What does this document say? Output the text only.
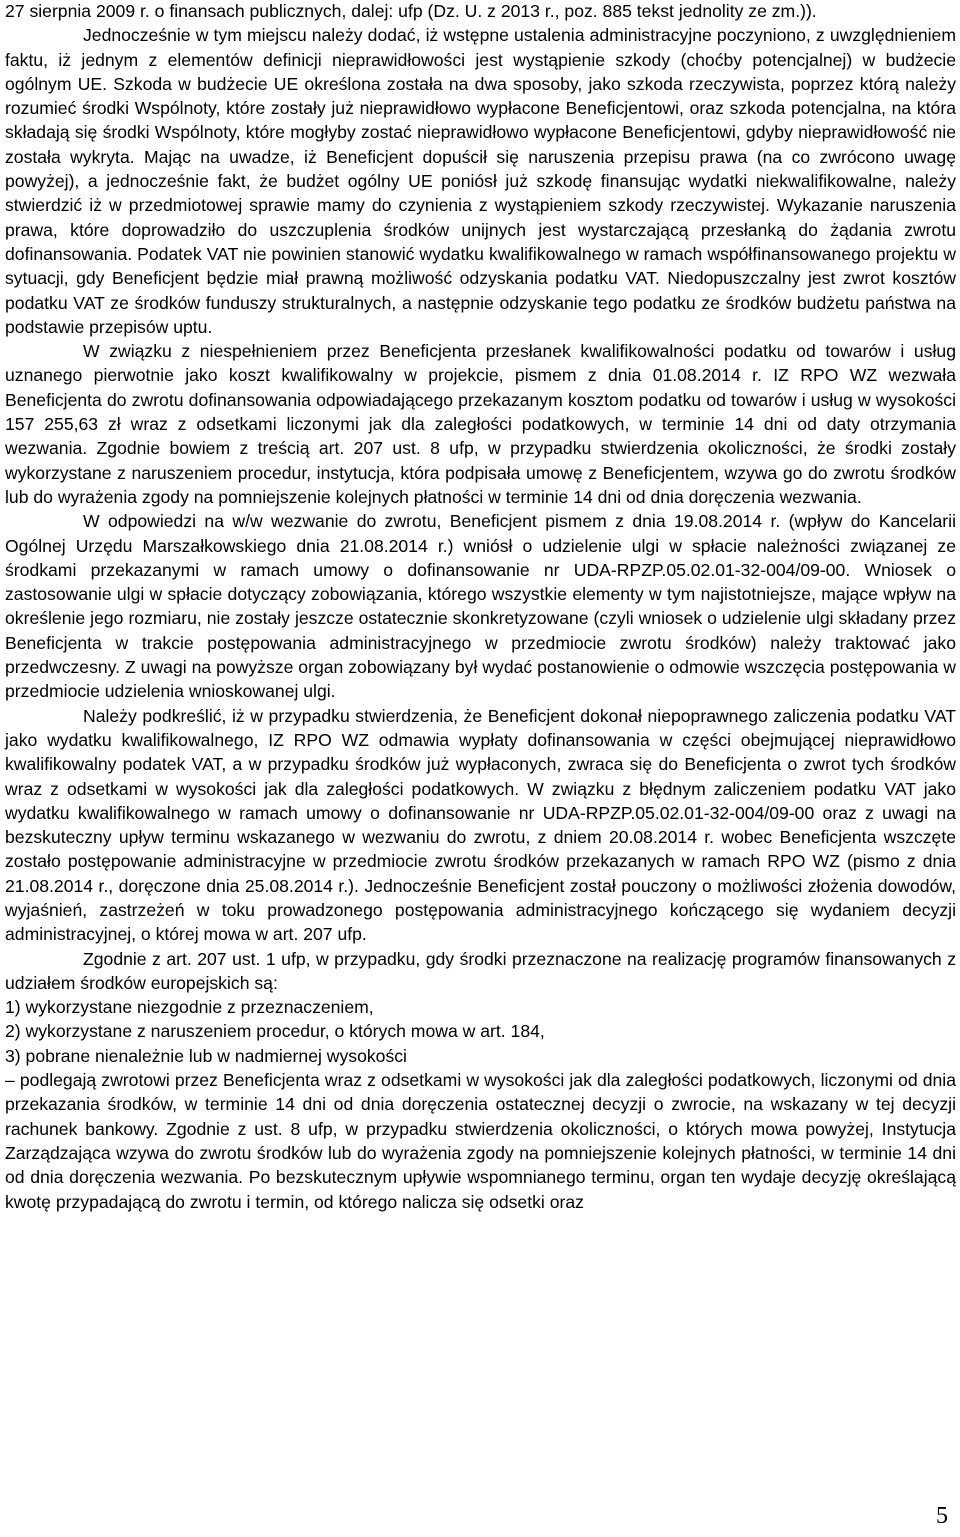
27 sierpnia 2009 r. o finansach publicznych, dalej: ufp (Dz. U. z 2013 r., poz. 885 tekst jednolity ze zm.)).

Jednocześnie w tym miejscu należy dodać, iż wstępne ustalenia administracyjne poczyniono, z uwzględnieniem faktu, iż jednym z elementów definicji nieprawidłowości jest wystąpienie szkody (choćby potencjalnej) w budżecie ogólnym UE. Szkoda w budżecie UE określona została na dwa sposoby, jako szkoda rzeczywista, poprzez którą należy rozumieć środki Wspólnoty, które zostały już nieprawidłowo wypłacone Beneficjentowi, oraz szkoda potencjalna, na która składają się środki Wspólnoty, które mogłyby zostać nieprawidłowo wypłacone Beneficjentowi, gdyby nieprawidłowość nie została wykryta. Mając na uwadze, iż Beneficjent dopuścił się naruszenia przepisu prawa (na co zwrócono uwagę powyżej), a jednocześnie fakt, że budżet ogólny UE poniósł już szkodę finansując wydatki niekwalifikowalne, należy stwierdzić iż w przedmiotowej sprawie mamy do czynienia z wystąpieniem szkody rzeczywistej. Wykazanie naruszenia prawa, które doprowadziło do uszczuplenia środków unijnych jest wystarczającą przesłanką do żądania zwrotu dofinansowania. Podatek VAT nie powinien stanowić wydatku kwalifikowalnego w ramach współfinansowanego projektu w sytuacji, gdy Beneficjent będzie miał prawną możliwość odzyskania podatku VAT. Niedopuszczalny jest zwrot kosztów podatku VAT ze środków funduszy strukturalnych, a następnie odzyskanie tego podatku ze środków budżetu państwa na podstawie przepisów uptu.

W związku z niespełnieniem przez Beneficjenta przesłanek kwalifikowalności podatku od towarów i usług uznanego pierwotnie jako koszt kwalifikowalny w projekcie, pismem z dnia 01.08.2014 r. IZ RPO WZ wezwała Beneficjenta do zwrotu dofinansowania odpowiadającego przekazanym kosztom podatku od towarów i usług w wysokości 157 255,63 zł wraz z odsetkami liczonymi jak dla zaległości podatkowych, w terminie 14 dni od daty otrzymania wezwania. Zgodnie bowiem z treścią art. 207 ust. 8 ufp, w przypadku stwierdzenia okoliczności, że środki zostały wykorzystane z naruszeniem procedur, instytucja, która podpisała umowę z Beneficjentem, wzywa go do zwrotu środków lub do wyrażenia zgody na pomniejszenie kolejnych płatności w terminie 14 dni od dnia doręczenia wezwania.

W odpowiedzi na w/w wezwanie do zwrotu, Beneficjent pismem z dnia 19.08.2014 r. (wpływ do Kancelarii Ogólnej Urzędu Marszałkowskiego dnia 21.08.2014 r.) wniósł o udzielenie ulgi w spłacie należności związanej ze środkami przekazanymi w ramach umowy o dofinansowanie nr UDA-RPZP.05.02.01-32-004/09-00. Wniosek o zastosowanie ulgi w spłacie dotyczący zobowiązania, którego wszystkie elementy w tym najistotniejsze, mające wpływ na określenie jego rozmiaru, nie zostały jeszcze ostatecznie skonkretyzowane (czyli wniosek o udzielenie ulgi składany przez Beneficjenta w trakcie postępowania administracyjnego w przedmiocie zwrotu środków) należy traktować jako przedwczesny. Z uwagi na powyższe organ zobowiązany był wydać postanowienie o odmowie wszczęcia postępowania w przedmiocie udzielenia wnioskowanej ulgi.

Należy podkreślić, iż w przypadku stwierdzenia, że Beneficjent dokonał niepoprawnego zaliczenia podatku VAT jako wydatku kwalifikowalnego, IZ RPO WZ odmawia wypłaty dofinansowania w części obejmującej nieprawidłowo kwalifikowalny podatek VAT, a w przypadku środków już wypłaconych, zwraca się do Beneficjenta o zwrot tych środków wraz z odsetkami w wysokości jak dla zaległości podatkowych. W związku z błędnym zaliczeniem podatku VAT jako wydatku kwalifikowalnego w ramach umowy o dofinansowanie nr UDA-RPZP.05.02.01-32-004/09-00 oraz z uwagi na bezskuteczny upływ terminu wskazanego w wezwaniu do zwrotu, z dniem 20.08.2014 r. wobec Beneficjenta wszczęte zostało postępowanie administracyjne w przedmiocie zwrotu środków przekazanych w ramach RPO WZ (pismo z dnia 21.08.2014 r., doręczone dnia 25.08.2014 r.). Jednocześnie Beneficjent został pouczony o możliwości złożenia dowodów, wyjaśnień, zastrzeżeń w toku prowadzonego postępowania administracyjnego kończącego się wydaniem decyzji administracyjnej, o której mowa w art. 207 ufp.

Zgodnie z art. 207 ust. 1 ufp, w przypadku, gdy środki przeznaczone na realizację programów finansowanych z udziałem środków europejskich są:

1) wykorzystane niezgodnie z przeznaczeniem,

2) wykorzystane z naruszeniem procedur, o których mowa w art. 184,

3) pobrane nienależnie lub w nadmiernej wysokości

– podlegają zwrotowi przez Beneficjenta wraz z odsetkami w wysokości jak dla zaległości podatkowych, liczonymi od dnia przekazania środków, w terminie 14 dni od dnia doręczenia ostatecznej decyzji o zwrocie, na wskazany w tej decyzji rachunek bankowy. Zgodnie z ust. 8 ufp, w przypadku stwierdzenia okoliczności, o których mowa powyżej, Instytucja Zarządzająca wzywa do zwrotu środków lub do wyrażenia zgody na pomniejszenie kolejnych płatności, w terminie 14 dni od dnia doręczenia wezwania. Po bezskutecznym upływie wspomnianego terminu, organ ten wydaje decyzję określającą kwotę przypadającą do zwrotu i termin, od którego nalicza się odsetki oraz

5
